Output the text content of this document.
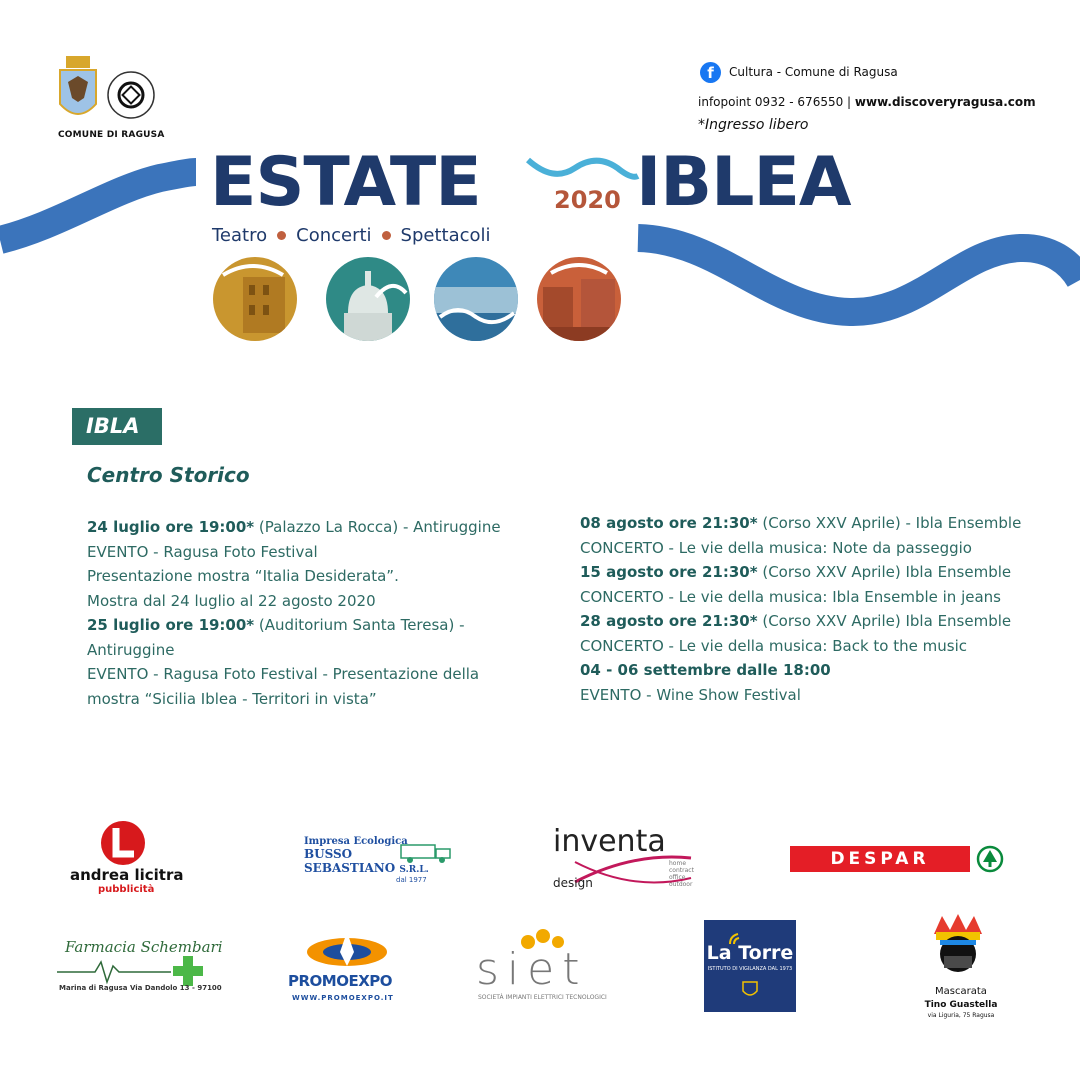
COMUNE DI RAGUSA
f	Cultura - Comune di Ragusa
infopoint 0932 - 676550 | www.discoveryragusa.com
*Ingresso libero
ESTATE IBLEA
2020
Teatro Concerti Spettacoli
IBLA
Centro Storico
24 luglio ore 19:00* (Palazzo La Rocca) - Antiruggine
EVENTO - Ragusa Foto Festival
Presentazione mostra “Italia Desiderata”.
Mostra dal 24 luglio al 22 agosto 2020
25 luglio ore 19:00* (Auditorium Santa Teresa) -
Antiruggine
EVENTO - Ragusa Foto Festival - Presentazione della
mostra “Sicilia Iblea - Territori in vista”
08 agosto ore 21:30* (Corso XXV Aprile) - Ibla Ensemble
CONCERTO - Le vie della musica: Note da passeggio
15 agosto ore 21:30* (Corso XXV Aprile) Ibla Ensemble
CONCERTO - Le vie della musica: Ibla Ensemble in jeans
28 agosto ore 21:30* (Corso XXV Aprile) Ibla Ensemble
CONCERTO - Le vie della musica: Back to the music
04 - 06 settembre dalle 18:00
EVENTO - Wine Show Festival
andrea licitra
pubblicità
Impresa Ecologica
BUSSO
SEBASTIANO S.R.L.
dal 1977
inventa
design
home
contract
office
outdoor
DESPAR
Farmacia Schembari
Marina di Ragusa Via Dandolo 13 - 97100	PROMOEXPO
WWW.PROMOEXPO.IT
siet
SOCIETÀ IMPIANTI ELETTRICI TECNOLOGICI
La Torre
ISTITUTO DI VIGILANZA DAL 1973
Mascarata
Tino Guastella
via Liguria, 75 Ragusa
